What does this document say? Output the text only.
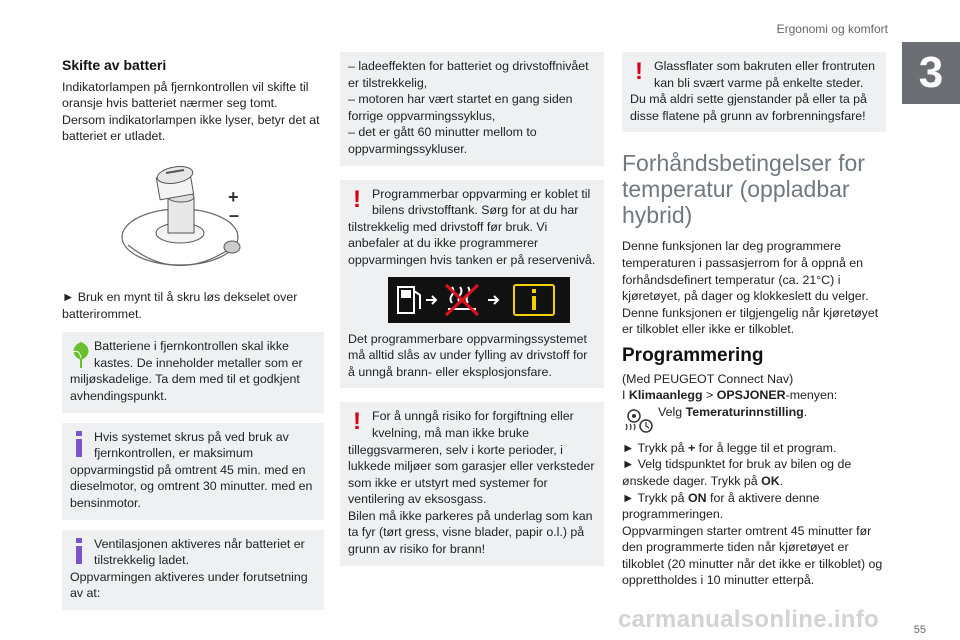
Ergonomi og komfort
3
55
Skifte av batteri

Indikatorlampen på fjernkontrollen vil skifte til oransje hvis batteriet nærmer seg tomt. Dersom indikatorlampen ikke lyser, betyr det at batteriet er utladet.

+
–

► Bruk en mynt til å skru løs dekselet over batterirommet.

Batteriene i fjernkontrollen skal ikke kastes. De inneholder metaller som er miljøskadelige. Ta dem med til et godkjent avhendingspunkt.

Hvis systemet skrus på ved bruk av fjernkontrollen, er maksimum oppvarmingstid på omtrent 45 min. med en dieselmotor, og omtrent 30 minutter. med en bensinmotor.

Ventilasjonen aktiveres når batteriet er tilstrekkelig ladet.

Oppvarmingen aktiveres under forutsetning av at:

– ladeeffekten for batteriet og drivstoffnivået er tilstrekkelig,

– motoren har vært startet en gang siden forrige oppvarmingssyklus,

– det er gått 60 minutter mellom to oppvarmingssykluser.

! Programmerbar oppvarming er koblet til bilens drivstofftank. Sørg for at du har tilstrekkelig med drivstoff før bruk. Vi anbefaler at du ikke programmerer oppvarmingen hvis tanken er på reservenivå.

Det programmerbare oppvarmingssystemet må alltid slås av under fylling av drivstoff for å unngå brann- eller eksplosjonsfare.

! For å unngå risiko for forgiftning eller kvelning, må man ikke bruke tilleggsvarmeren, selv i korte perioder, i lukkede miljøer som garasjer eller verksteder som ikke er utstyrt med systemer for ventilering av eksosgass.

Bilen må ikke parkeres på underlag som kan ta fyr (tørt gress, visne blader, papir o.l.) på grunn av risiko for brann!

! Glassflater som bakruten eller frontruten kan bli svært varme på enkelte steder. Du må aldri sette gjenstander på eller ta på disse flatene på grunn av forbrenningsfare!

Forhåndsbetingelser for temperatur (oppladbar hybrid)

Denne funksjonen lar deg programmere temperaturen i passasjerrom for å oppnå en forhåndsdefinert temperatur (ca. 21°C) i kjøretøyet, på dager og klokkeslett du velger. Denne funksjonen er tilgjengelig når kjøretøyet er tilkoblet eller ikke er tilkoblet.

Programmering

(Med PEUGEOT Connect Nav)

I Klimaanlegg > OPSJONER-menyen:

Velg Temeraturinnstilling.

► Trykk på + for å legge til et program.

► Velg tidspunktet for bruk av bilen og de ønskede dager. Trykk på OK.

► Trykk på ON for å aktivere denne programmeringen.

Oppvarmingen starter omtrent 45 minutter før den programmerte tiden når kjøretøyet er tilkoblet (20 minutter når det ikke er tilkoblet) og opprettholdes i 10 minutter etterpå.

carmanualsonline.info
